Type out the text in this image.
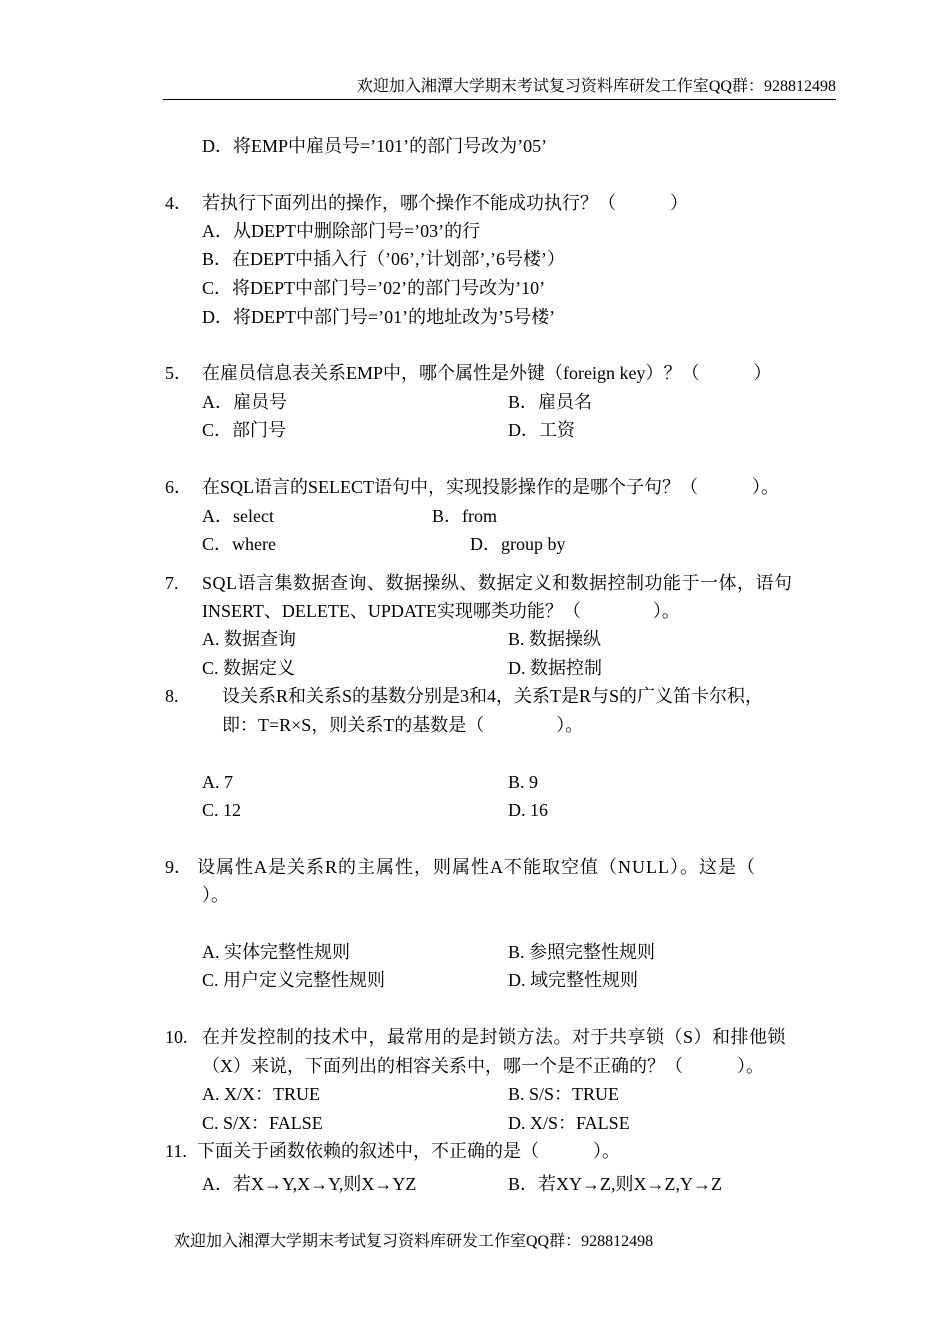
欢迎加入湘潭大学期末考试复习资料库研发工作室QQ群：928812498
D．将EMP中雇员号=’101’的部门号改为’05’
4． 若执行下面列出的操作，哪个操作不能成功执行？（　　　）
A．从DEPT中删除部门号=’03’的行
B．在DEPT中插入行（’06’,’计划部’,’6号楼’）
C．将DEPT中部门号=’02’的部门号改为’10’
D．将DEPT中部门号=’01’的地址改为’5号楼’
5． 在雇员信息表关系EMP中，哪个属性是外键（foreign key）？（　　　）
A．雇员号	B．雇员名
C．部门号	D．工资
6． 在SQL语言的SELECT语句中，实现投影操作的是哪个子句？（　　　）。
A．select	B．from
C．where	D．group by
7. SQL语言集数据查询、数据操纵、数据定义和数据控制功能于一体，语句
INSERT、DELETE、UPDATE实现哪类功能？（　　　　）。
A. 数据查询	B. 数据操纵
C. 数据定义	D. 数据控制
8. 设关系R和关系S的基数分别是3和4，关系T是R与S的广义笛卡尔积，
即：T=R×S，则关系T的基数是（　　　　）。
A. 7	B. 9
C. 12	D. 16
9． 设属性A是关系R的主属性，则属性A不能取空值（NULL）。这是（
）。
A. 实体完整性规则	B. 参照完整性规则
C. 用户定义完整性规则	D. 域完整性规则
10. 在并发控制的技术中，最常用的是封锁方法。对于共享锁（S）和排他锁
（X）来说，下面列出的相容关系中，哪一个是不正确的？（　　　）。
A. X/X：TRUE	B. S/S：TRUE
C. S/X：FALSE	D. X/S：FALSE
11. 下面关于函数依赖的叙述中，不正确的是（　　　）。
A．若X→Y,X→Y,则X→YZ	B．若XY→Z,则X→Z,Y→Z
欢迎加入湘潭大学期末考试复习资料库研发工作室QQ群：928812498
